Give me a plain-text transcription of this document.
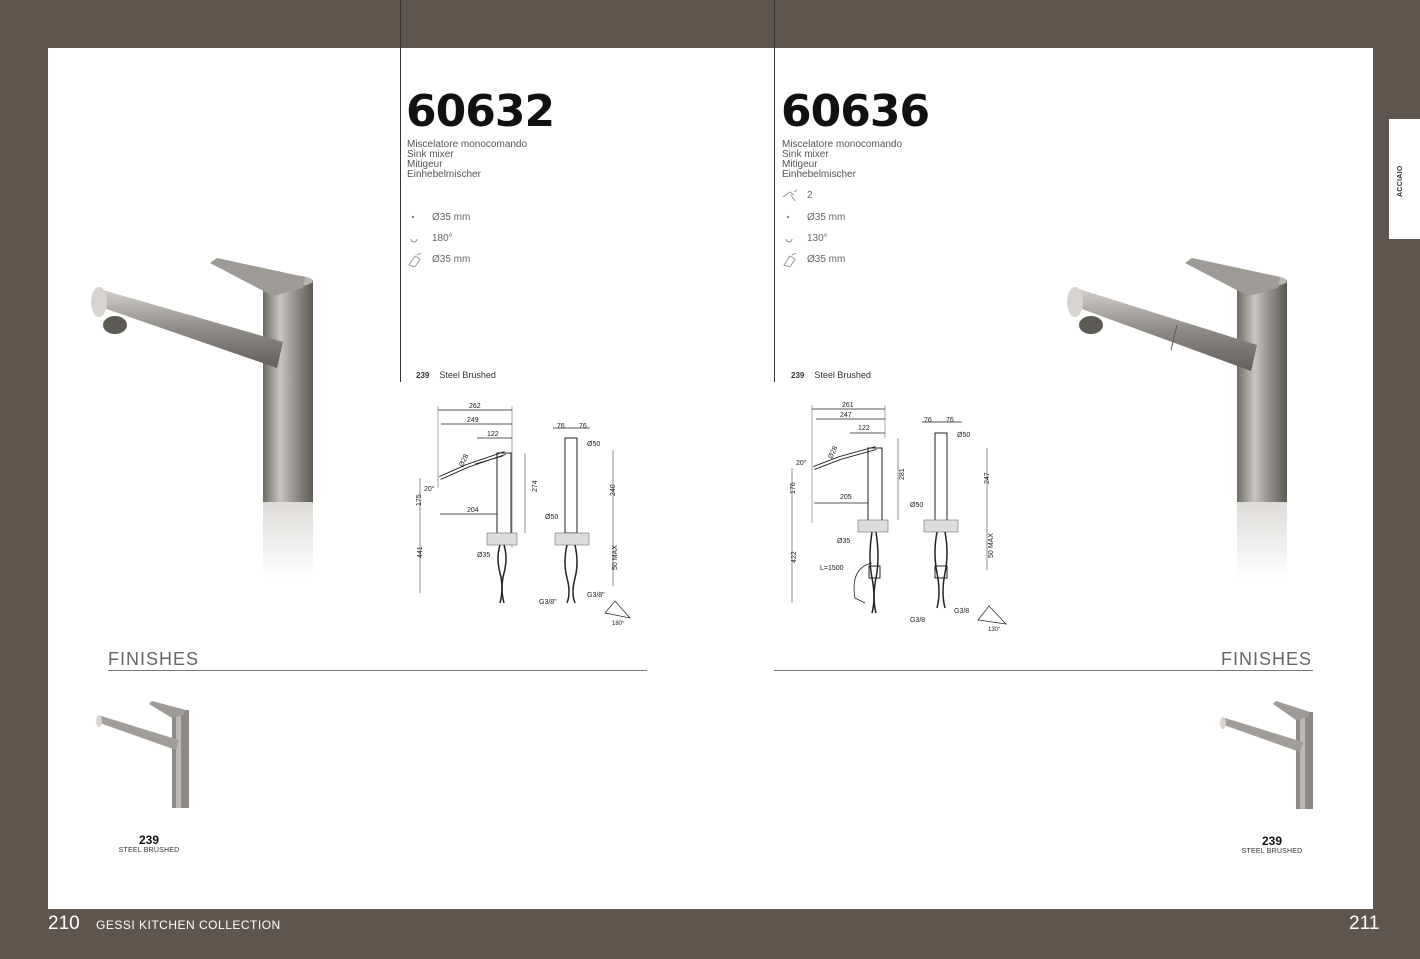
ACCIAIO
60632
Miscelatore monocomando
Sink mixer
Mitigeur
Einhebelmischer
Ø35 mm
180°
Ø35 mm
239 Steel Brushed
60636
Miscelatore monocomando
Sink mixer
Mitigeur
Einhebelmischer
2
Ø35 mm
130°
Ø35 mm
239 Steel Brushed
262
249
122
Ø28
20°
175
204
274
441	Ø35
76 76
Ø50
Ø50
240
50 MAX
G3/8"
G3/8"
180°
261
247
122
Ø28
20°
176
205
281
422
Ø35
L=1500
76 76
Ø50
Ø50
247
50 MAX
G3/8
G3/8
130°
FINISHES	FINISHES
239
STEEL BRUSHED
239
STEEL BRUSHED
210 GESSI KITCHEN COLLECTION	211
